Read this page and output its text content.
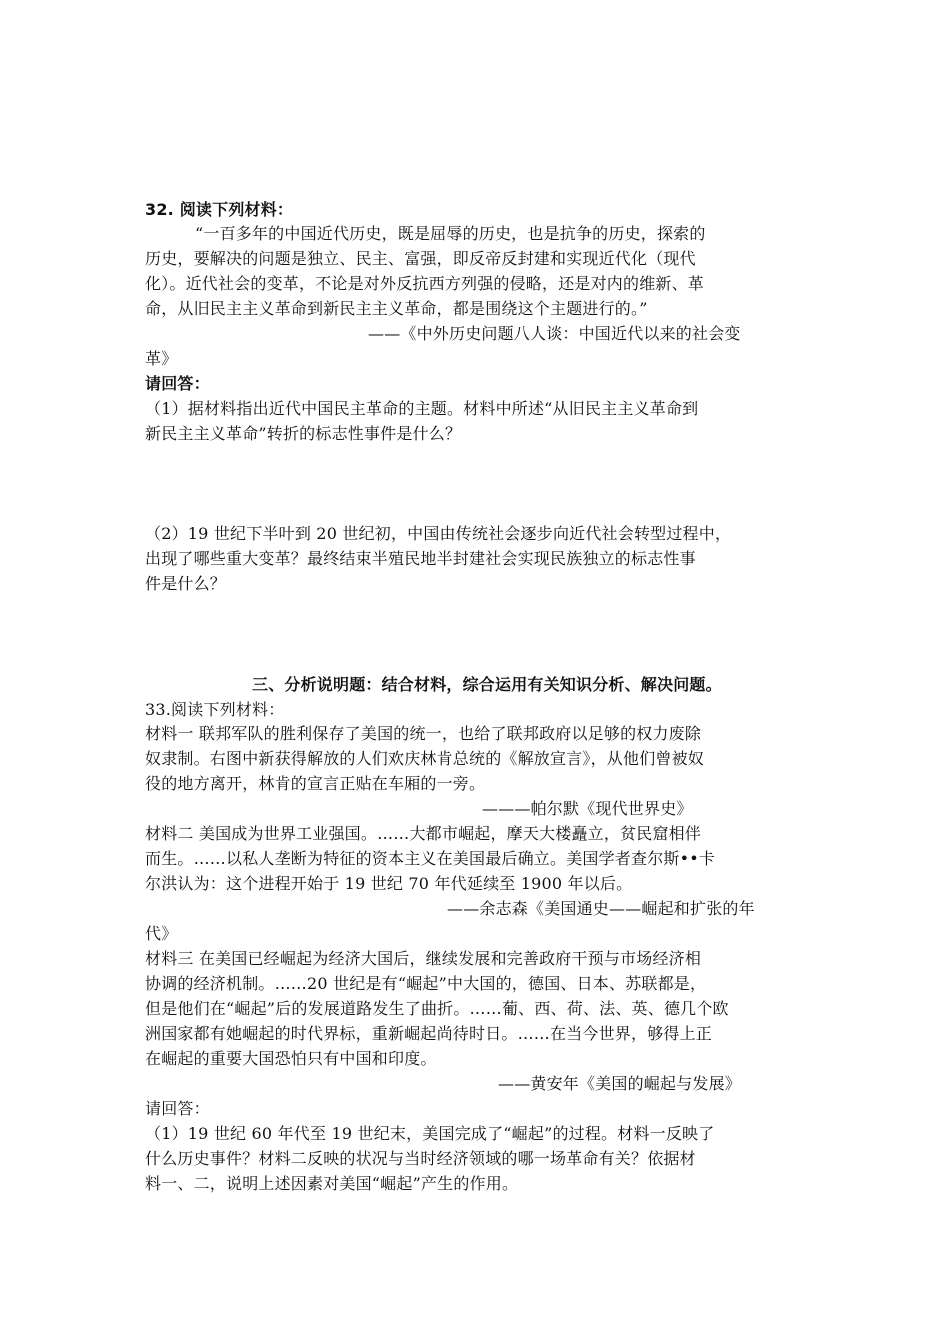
32. 阅读下列材料：
“一百多年的中国近代历史，既是屈辱的历史，也是抗争的历史，探索的
历史，要解决的问题是独立、民主、富强，即反帝反封建和实现近代化（现代
化）。近代社会的变革，不论是对外反抗西方列强的侵略，还是对内的维新、革
命，从旧民主主义革命到新民主主义革命，都是围绕这个主题进行的。”
——《中外历史问题八人谈：中国近代以来的社会变
革》
请回答：
（1）据材料指出近代中国民主革命的主题。材料中所述“从旧民主主义革命到
新民主主义革命”转折的标志性事件是什么？
（2）19 世纪下半叶到 20 世纪初，中国由传统社会逐步向近代社会转型过程中，
出现了哪些重大变革？最终结束半殖民地半封建社会实现民族独立的标志性事
件是什么？
三、分析说明题：结合材料，综合运用有关知识分析、解决问题。
33.阅读下列材料：
材料一 联邦军队的胜利保存了美国的统一，也给了联邦政府以足够的权力废除
奴隶制。右图中新获得解放的人们欢庆林肯总统的《解放宣言》，从他们曾被奴
役的地方离开，林肯的宣言正贴在车厢的一旁。
———帕尔默《现代世界史》
材料二 美国成为世界工业强国。……大都市崛起，摩天大楼矗立，贫民窟相伴
而生。……以私人垄断为特征的资本主义在美国最后确立。美国学者查尔斯••卡
尔洪认为：这个进程开始于 19 世纪 70 年代延续至 1900 年以后。
——余志森《美国通史——崛起和扩张的年
代》
材料三 在美国已经崛起为经济大国后，继续发展和完善政府干预与市场经济相
协调的经济机制。……20 世纪是有“崛起”中大国的，德国、日本、苏联都是，
但是他们在“崛起”后的发展道路发生了曲折。……葡、西、荷、法、英、德几个欧
洲国家都有她崛起的时代界标，重新崛起尚待时日。……在当今世界，够得上正
在崛起的重要大国恐怕只有中国和印度。
——黄安年《美国的崛起与发展》
请回答：
（1）19 世纪 60 年代至 19 世纪末，美国完成了“崛起”的过程。材料一反映了
什么历史事件？材料二反映的状况与当时经济领域的哪一场革命有关？依据材
料一、二，说明上述因素对美国“崛起”产生的作用。
